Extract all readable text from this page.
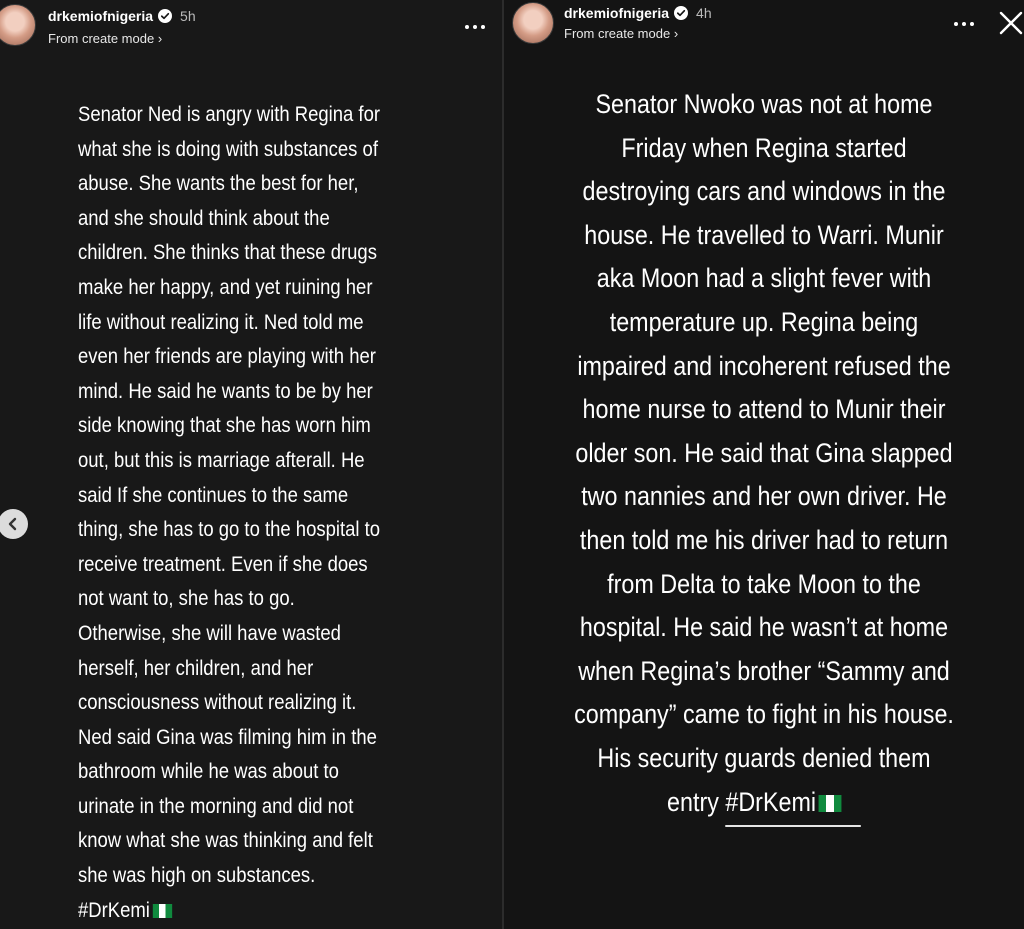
drkemiofnigeria 5h
From create mode ›

Senator Ned is angry with Regina for

what she is doing with substances of

abuse. She wants the best for her,

and she should think about the

children. She thinks that these drugs

make her happy, and yet ruining her

life without realizing it. Ned told me

even her friends are playing with her

mind. He said he wants to be by her

side knowing that she has worn him

out, but this is marriage afterall. He

said If she continues to the same

thing, she has to go to the hospital to

receive treatment. Even if she does

not want to, she has to go.

Otherwise, she will have wasted

herself, her children, and her

consciousness without realizing it.

Ned said Gina was filming him in the

bathroom while he was about to

urinate in the morning and did not

know what she was thinking and felt

she was high on substances.

#DrKemi

drkemiofnigeria 4h
From create mode ›

Senator Nwoko was not at home

Friday when Regina started

destroying cars and windows in the

house. He travelled to Warri. Munir

aka Moon had a slight fever with

temperature up. Regina being

impaired and incoherent refused the

home nurse to attend to Munir their

older son. He said that Gina slapped

two nannies and her own driver. He

then told me his driver had to return

from Delta to take Moon to the

hospital. He said he wasn’t at home

when Regina’s brother “Sammy and

company” came to fight in his house.

His security guards denied them

entry #DrKemi
